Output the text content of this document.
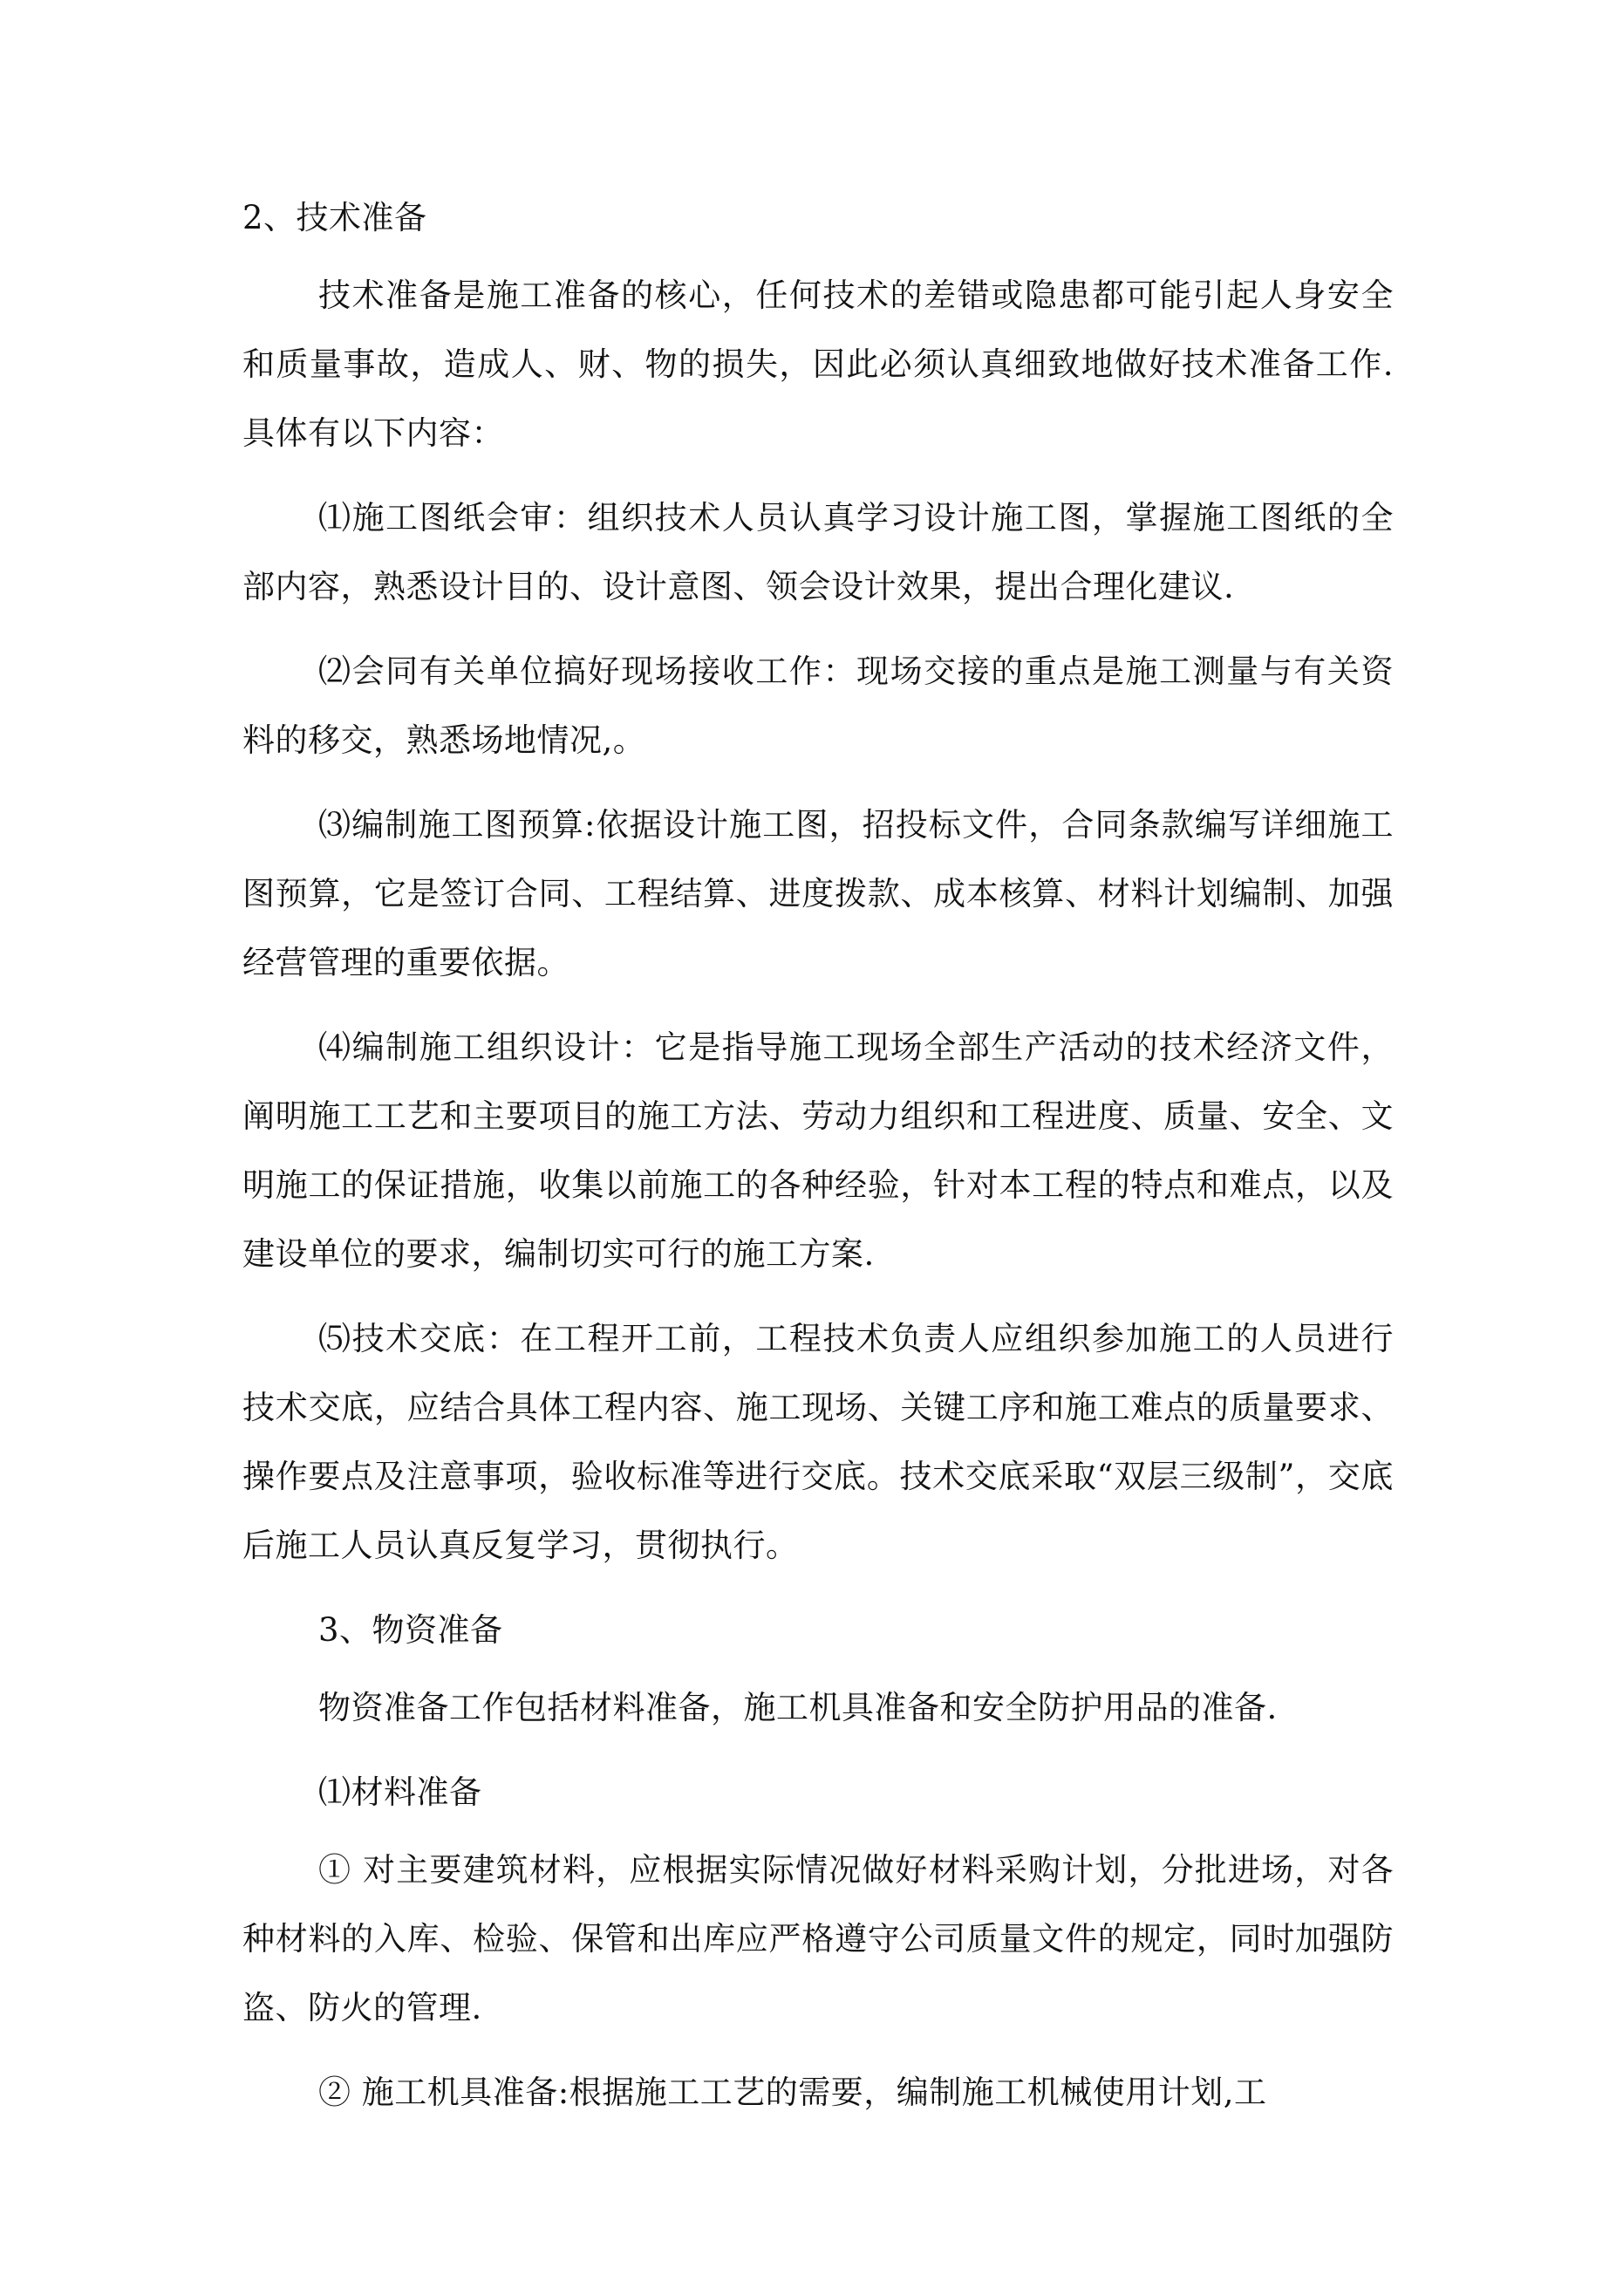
2、技术准备

技术准备是施工准备的核心，任何技术的差错或隐患都可能引起人身安全和质量事故，造成人、财、物的损失，因此必须认真细致地做好技术准备工作.具体有以下内容：

⑴施工图纸会审：组织技术人员认真学习设计施工图，掌握施工图纸的全部内容，熟悉设计目的、设计意图、领会设计效果，提出合理化建议.

⑵会同有关单位搞好现场接收工作：现场交接的重点是施工测量与有关资料的移交，熟悉场地情况,。

⑶编制施工图预算:依据设计施工图，招投标文件，合同条款编写详细施工图预算，它是签订合同、工程结算、进度拨款、成本核算、材料计划编制、加强经营管理的重要依据。

⑷编制施工组织设计：它是指导施工现场全部生产活动的技术经济文件，阐明施工工艺和主要项目的施工方法、劳动力组织和工程进度、质量、安全、文明施工的保证措施，收集以前施工的各种经验，针对本工程的特点和难点，以及建设单位的要求，编制切实可行的施工方案.

⑸技术交底：在工程开工前，工程技术负责人应组织参加施工的人员进行技术交底，应结合具体工程内容、施工现场、关键工序和施工难点的质量要求、操作要点及注意事项，验收标准等进行交底。技术交底采取“双层三级制”，交底后施工人员认真反复学习，贯彻执行。

3、物资准备

物资准备工作包括材料准备，施工机具准备和安全防护用品的准备.

⑴材料准备

① 对主要建筑材料，应根据实际情况做好材料采购计划，分批进场，对各种材料的入库、检验、保管和出库应严格遵守公司质量文件的规定，同时加强防盗、防火的管理.

② 施工机具准备:根据施工工艺的需要，编制施工机械使用计划,工
